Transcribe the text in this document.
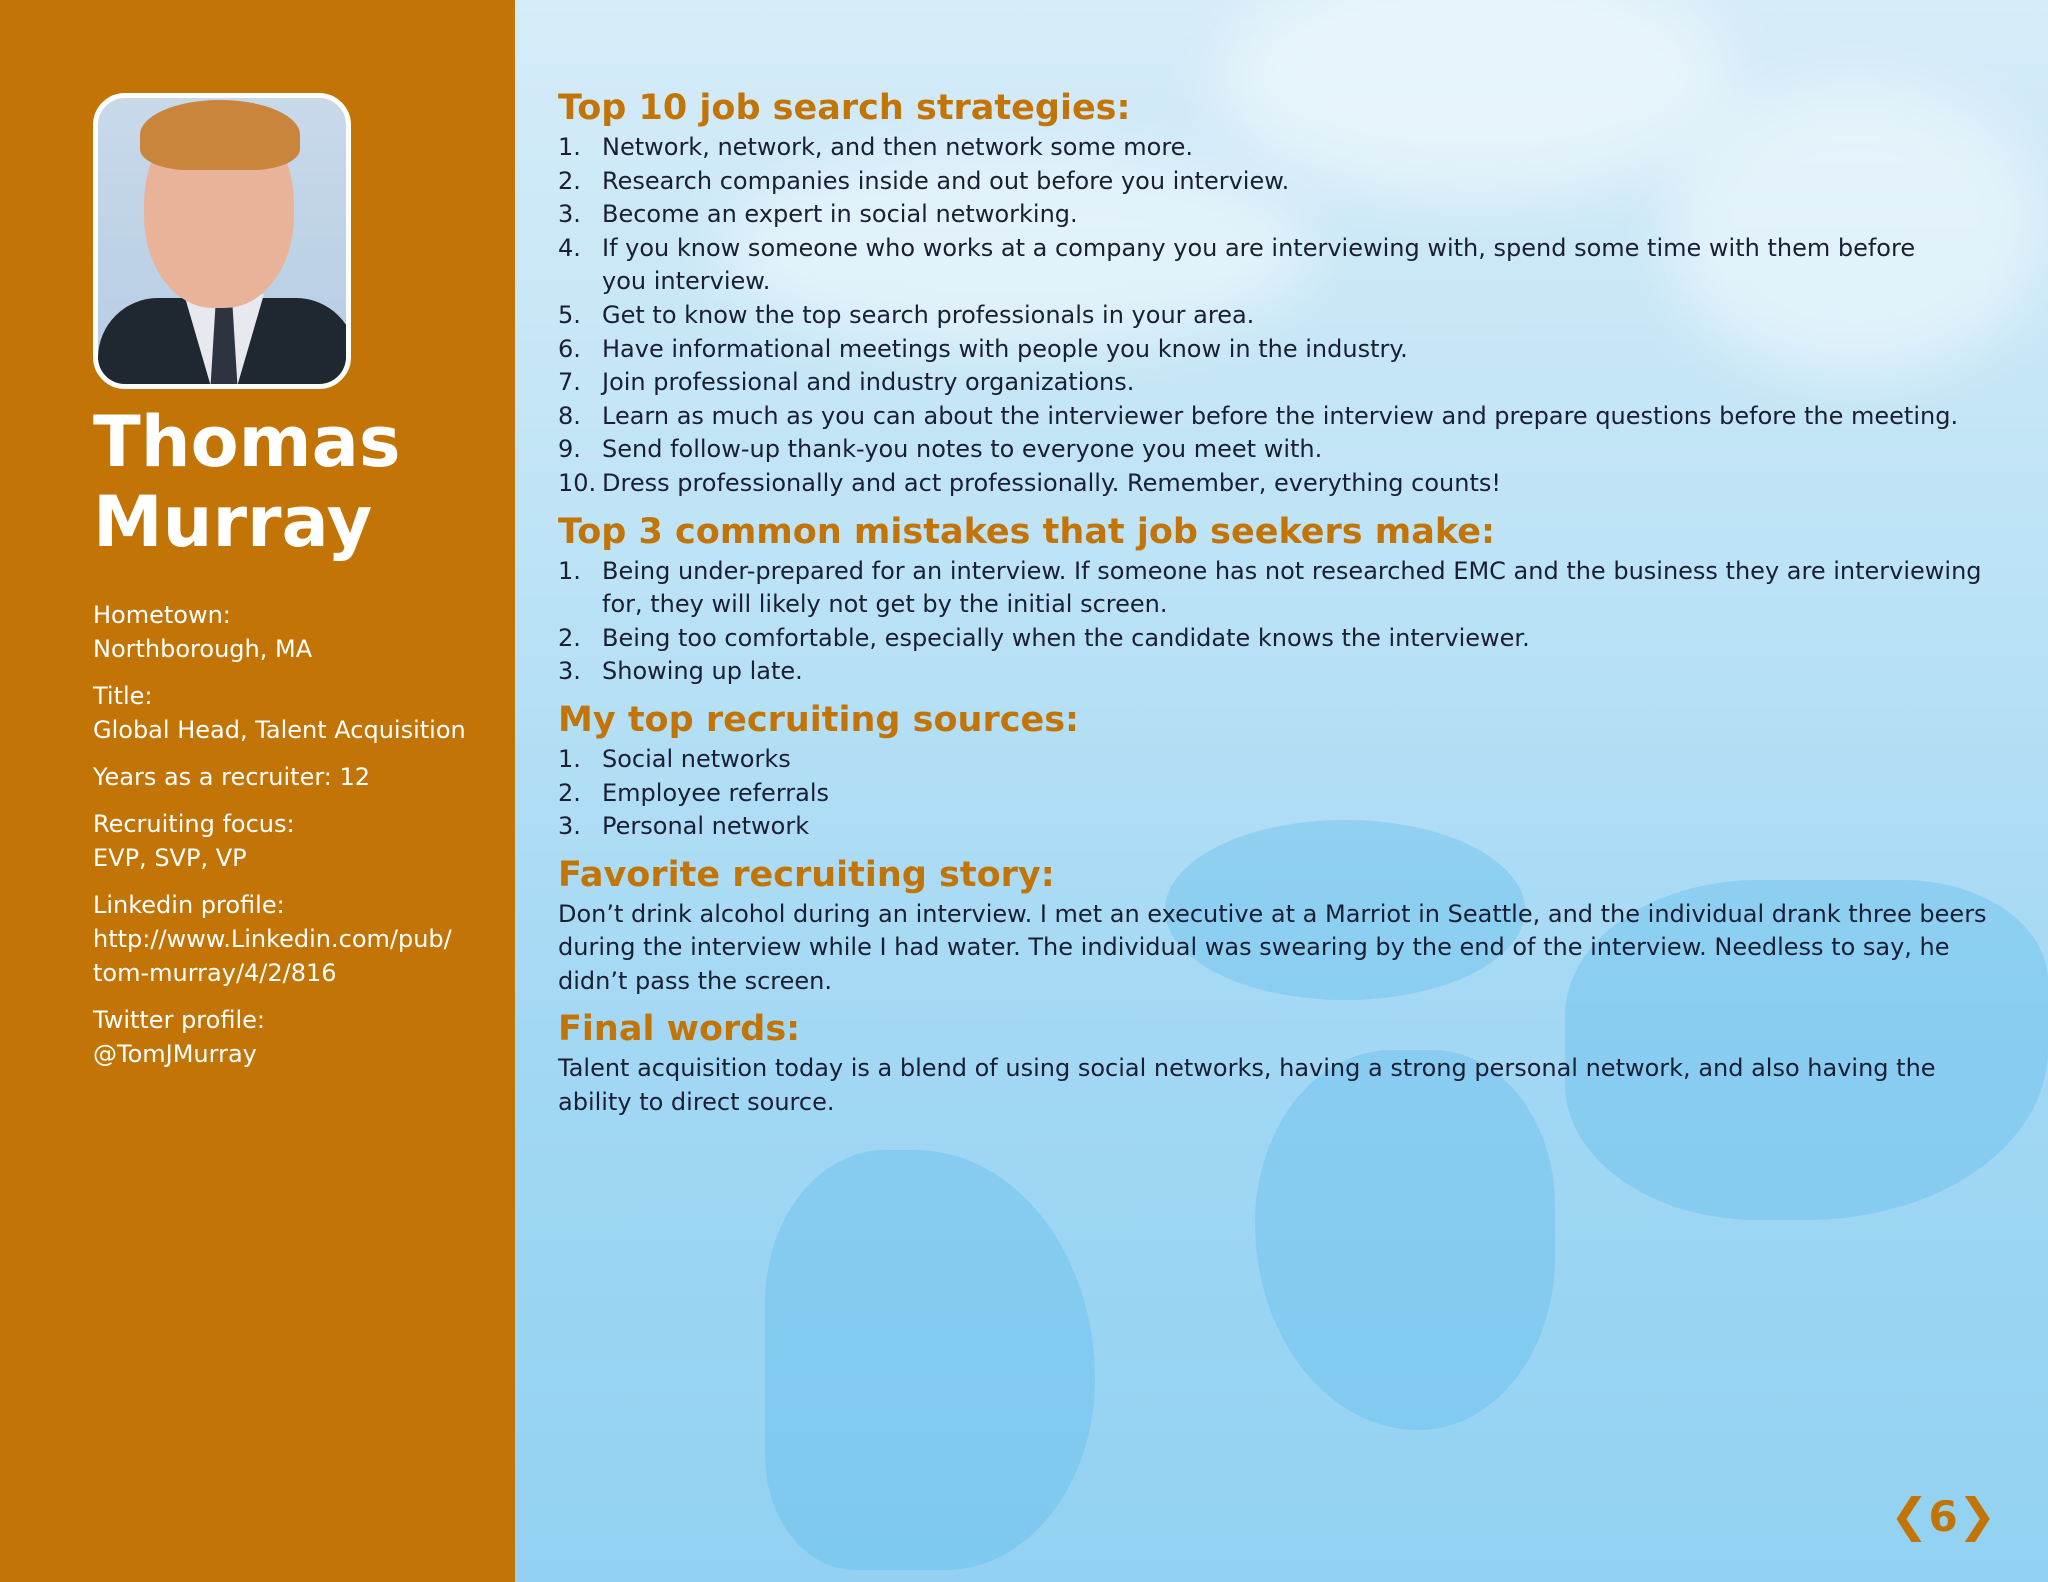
Thomas
Murray
Hometown:
Northborough, MA
Title:
Global Head, Talent Acquisition
Years as a recruiter: 12
Recruiting focus:
EVP, SVP, VP
Linkedin profile:
http://www.Linkedin.com/pub/
tom-murray/4/2/816
Twitter profile:
@TomJMurray
Top 10 job search strategies:
1. Network, network, and then network some more.
2. Research companies inside and out before you interview.
3. Become an expert in social networking.
4. If you know someone who works at a company you are interviewing with, spend some time with them before you interview.
5. Get to know the top search professionals in your area.
6. Have informational meetings with people you know in the industry.
7. Join professional and industry organizations.
8. Learn as much as you can about the interviewer before the interview and prepare questions before the meeting.
9. Send follow-up thank-you notes to everyone you meet with.
10. Dress professionally and act professionally. Remember, everything counts!
Top 3 common mistakes that job seekers make:
1. Being under-prepared for an interview. If someone has not researched EMC and the business they are interviewing for, they will likely not get by the initial screen.
2. Being too comfortable, especially when the candidate knows the interviewer.
3. Showing up late.
My top recruiting sources:
1. Social networks
2. Employee referrals
3. Personal network
Favorite recruiting story:

Don’t drink alcohol during an interview. I met an executive at a Marriot in Seattle, and the individual drank three beers during the interview while I had water. The individual was swearing by the end of the interview. Needless to say, he didn’t pass the screen.

Final words:

Talent acquisition today is a blend of using social networks, having a strong personal network, and also having the ability to direct source.

❮6❯
